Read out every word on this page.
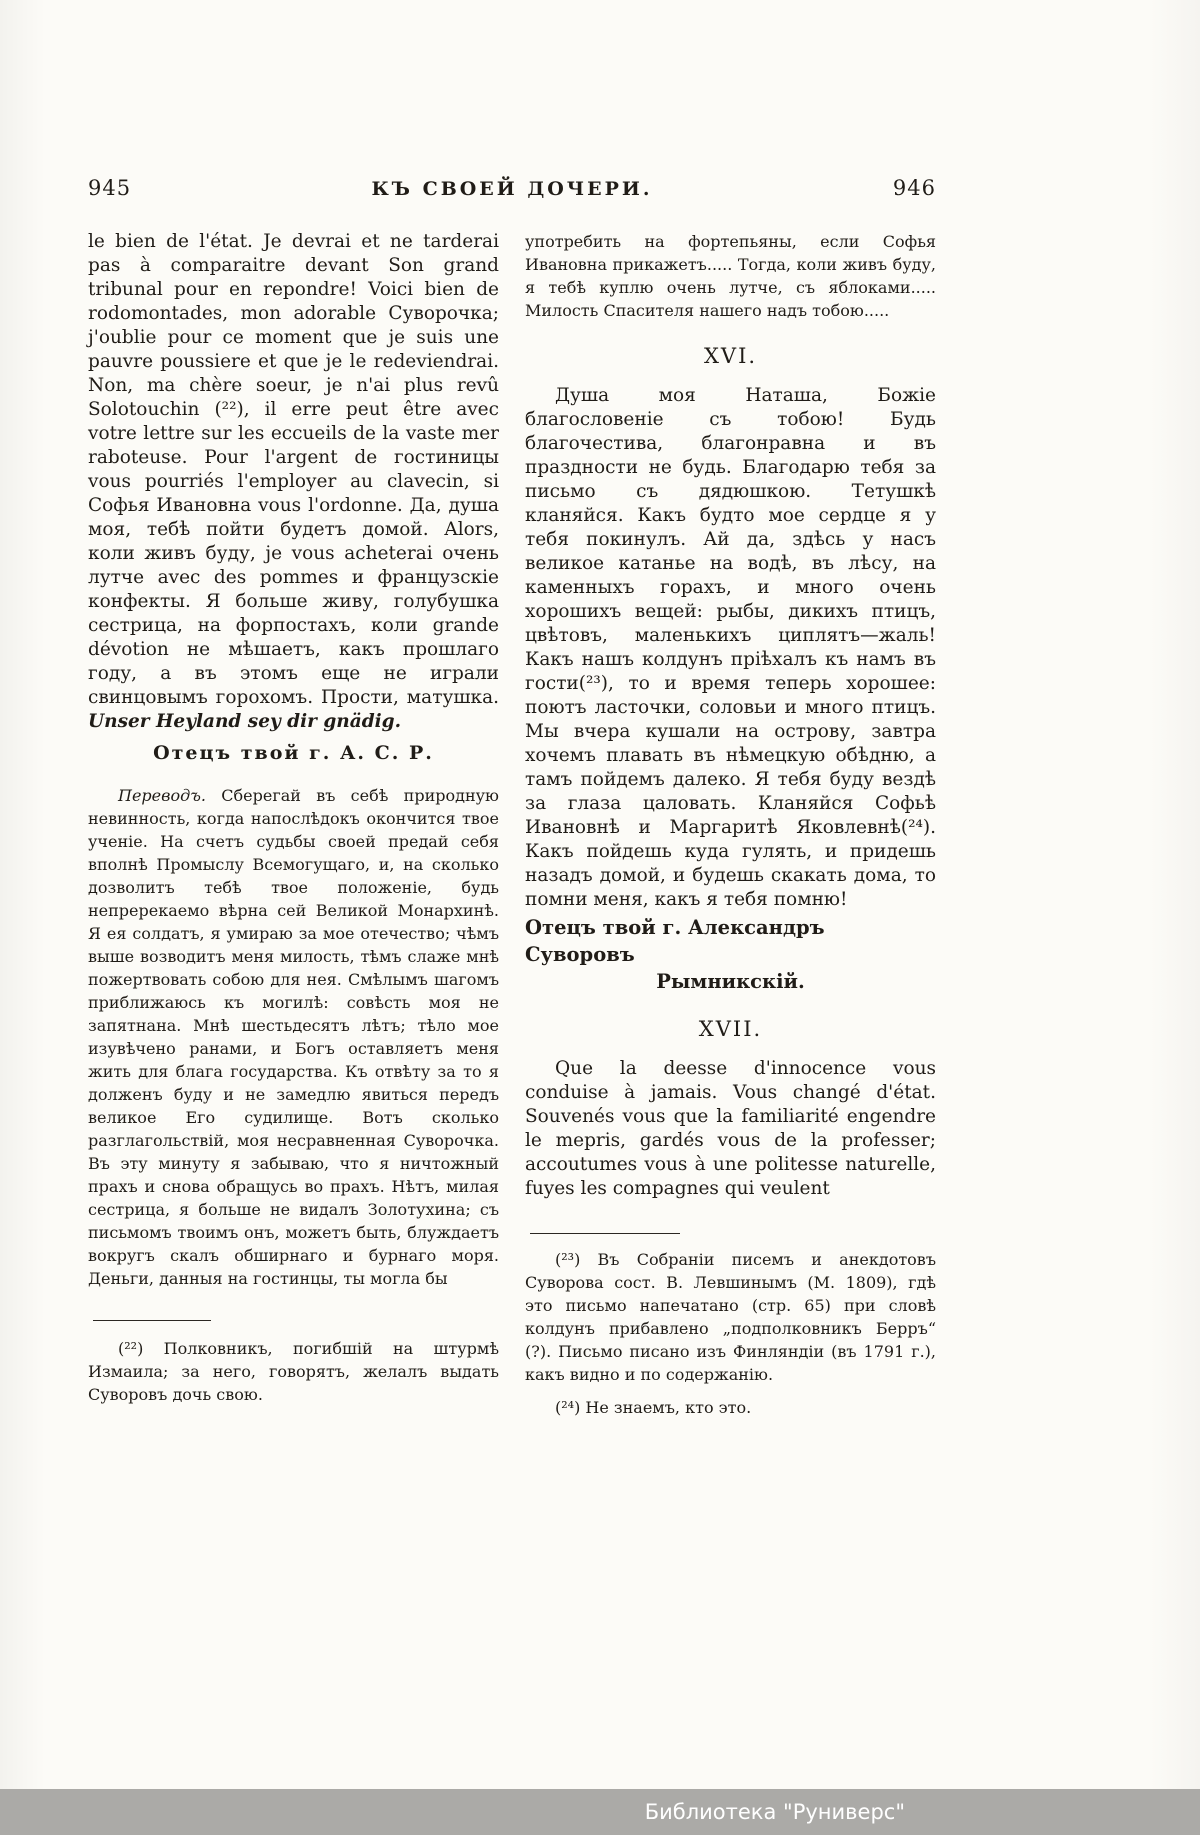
945	КЪ СВОЕЙ ДОЧЕРИ.	946

le bien de l'état. Je devrai et ne tarderai pas à comparaitre devant Son grand tribunal pour en repondre! Voici bien de rodomontades, mon adorable Суворочка; j'oublie pour ce moment que je suis une pauvre poussiere et que je le redeviendrai. Non, ma chère soeur, je n'ai plus revû Solotouchin (²²), il erre peut être avec votre lettre sur les eccueils de la vaste mer raboteuse. Pour l'argent de гостиницы vous pourriés l'employer au clavecin, si Софья Ивановна vous l'ordonne. Да, душа моя, тебѣ пойти будетъ домой. Alors, коли живъ буду, je vous acheterai очень лутче avec des pommes и французскіе конфекты. Я больше живу, голубушка сестрица, на форпостахъ, коли grande dévotion не мѣшаетъ, какъ прошлаго году, а въ этомъ еще не играли свинцовымъ горохомъ. Прости, матушка. Unser Heyland sey dir gnädig.

Отецъ твой г. А. С. Р.

Переводъ. Сберегай въ себѣ природную невинность, когда напослѣдокъ окончится твое ученіе. На счетъ судьбы своей предай себя вполнѣ Промыслу Всемогущаго, и, на сколько дозволитъ тебѣ твое положеніе, будь непререкаемо вѣрна сей Великой Монархинѣ. Я ея солдатъ, я умираю за мое отечество; чѣмъ выше возводитъ меня милость, тѣмъ слаже мнѣ пожертвовать собою для нея. Смѣлымъ шагомъ приближаюсь къ могилѣ: совѣсть моя не запятнана. Мнѣ шестьдесятъ лѣтъ; тѣло мое изувѣчено ранами, и Богъ оставляетъ меня жить для блага государства. Къ отвѣту за то я долженъ буду и не замедлю явиться передъ великое Его судилище. Вотъ сколько разглагольствій, моя несравненная Суворочка. Въ эту минуту я забываю, что я ничтожный прахъ и снова обращусь во прахъ. Нѣтъ, милая сестрица, я больше не видалъ Золотухина; съ письмомъ твоимъ онъ, можетъ быть, блуждаетъ вокругъ скалъ обширнаго и бурнаго моря. Деньги, данныя на гостинцы, ты могла бы

(²²) Полковникъ, погибшій на штурмѣ Измаила; за него, говорятъ, желалъ выдать Суворовъ дочь свою.

употребить на фортепьяны, если Софья Ивановна прикажетъ..... Тогда, коли живъ буду, я тебѣ куплю очень лутче, съ яблоками..... Милость Спасителя нашего надъ тобою.....

XVI.

Душа моя Наташа, Божіе благословеніе съ тобою! Будь благочестива, благонравна и въ праздности не будь. Благодарю тебя за письмо съ дядюшкою. Тетушкѣ кланяйся. Какъ будто мое сердце я у тебя покинулъ. Ай да, здѣсь у насъ великое катанье на водѣ, въ лѣсу, на каменныхъ горахъ, и много очень хорошихъ вещей: рыбы, дикихъ птицъ, цвѣтовъ, маленькихъ циплятъ—жаль! Какъ нашъ колдунъ пріѣхалъ къ намъ въ гости(²³), то и время теперь хорошее: поютъ ласточки, соловьи и много птицъ. Мы вчера кушали на острову, завтра хочемъ плавать въ нѣмецкую обѣдню, а тамъ пойдемъ далеко. Я тебя буду вездѣ за глаза цаловать. Кланяйся Софьѣ Ивановнѣ и Маргаритѣ Яковлевнѣ(²⁴). Какъ пойдешь куда гулять, и придешь назадъ домой, и будешь скакать дома, то помни меня, какъ я тебя помню!

Отецъ твой г. Александръ Суворовъ
Рымникскій.

XVII.

Que la deesse d'innocence vous conduise à jamais. Vous changé d'état. Souvenés vous que la familiarité engendre le mepris, gardés vous de la professer; accoutumes vous à une politesse naturelle, fuyes les compagnes qui veulent

(²³) Въ Собраніи писемъ и анекдотовъ Суворова сост. В. Левшинымъ (М. 1809), гдѣ это письмо напечатано (стр. 65) при словѣ колдунъ прибавлено „подполковникъ Берръ“ (?). Письмо писано изъ Финляндіи (въ 1791 г.), какъ видно и по содержанію.

(²⁴) Не знаемъ, кто это.

Библиотека "Руниверс"
